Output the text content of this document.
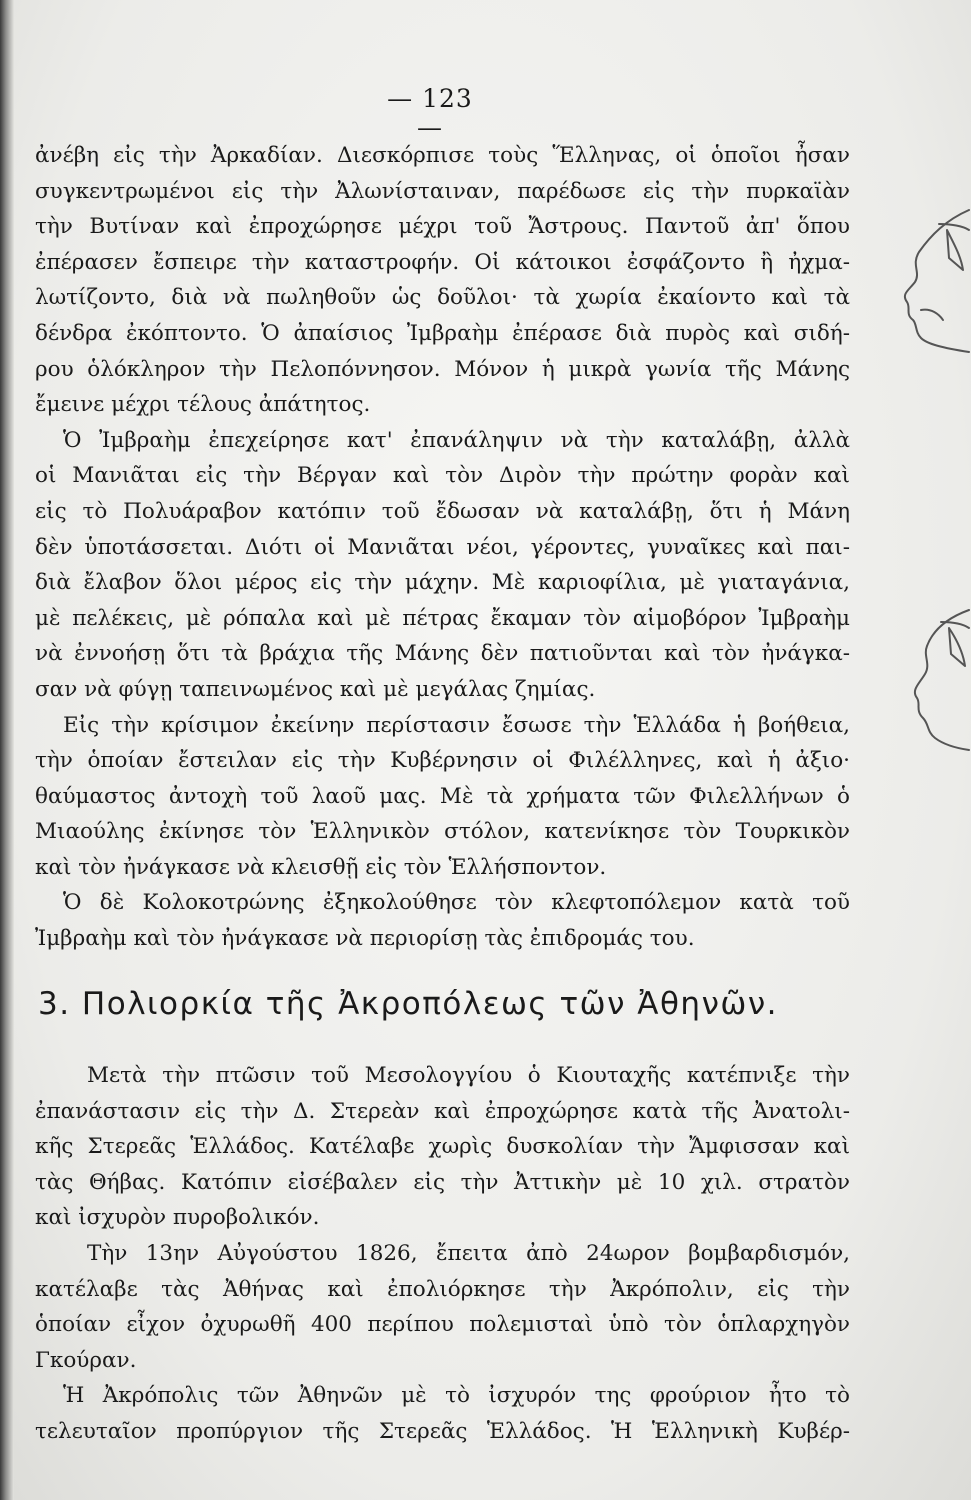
— 123 —
ἀνέβη εἰς τὴν Ἀρκαδίαν. Διεσκόρπισε τοὺς Ἕλληνας, οἱ ὁποῖοι ἦσαν
συγκεντρωμένοι εἰς τὴν Ἀλωνίσταιναν, παρέδωσε εἰς τὴν πυρκαϊὰν
τὴν Βυτίναν καὶ ἐπροχώρησε μέχρι τοῦ Ἄστρους. Παντοῦ ἀπ' ὅπου
ἐπέρασεν ἔσπειρε τὴν καταστροφήν. Οἱ κάτοικοι ἐσφάζοντο ἢ ἠχμα-
λωτίζοντο, διὰ νὰ πωληθοῦν ὡς δοῦλοι· τὰ χωρία ἐκαίοντο καὶ τὰ
δένδρα ἐκόπτοντο. Ὁ ἀπαίσιος Ἰμβραὴμ ἐπέρασε διὰ πυρὸς καὶ σιδή-
ρου ὁλόκληρον τὴν Πελοπόννησον. Μόνον ἡ μικρὰ γωνία τῆς Μάνης
ἔμεινε μέχρι τέλους ἀπάτητος.
Ὁ Ἰμβραὴμ ἐπεχείρησε κατ' ἐπανάληψιν νὰ τὴν καταλάβῃ, ἀλλὰ
οἱ Μανιᾶται εἰς τὴν Βέργαν καὶ τὸν Διρὸν τὴν πρώτην φορὰν καὶ
εἰς τὸ Πολυάραβον κατόπιν τοῦ ἔδωσαν νὰ καταλάβῃ, ὅτι ἡ Μάνη
δὲν ὑποτάσσεται. Διότι οἱ Μανιᾶται νέοι, γέροντες, γυναῖκες καὶ παι-
διὰ ἔλαβον ὅλοι μέρος εἰς τὴν μάχην. Μὲ καριοφίλια, μὲ γιαταγάνια,
μὲ πελέκεις, μὲ ρόπαλα καὶ μὲ πέτρας ἔκαμαν τὸν αἱμοβόρον Ἰμβραὴμ
νὰ ἐννοήσῃ ὅτι τὰ βράχια τῆς Μάνης δὲν πατιοῦνται καὶ τὸν ἠνάγκα-
σαν νὰ φύγῃ ταπεινωμένος καὶ μὲ μεγάλας ζημίας.
Εἰς τὴν κρίσιμον ἐκείνην περίστασιν ἔσωσε τὴν Ἑλλάδα ἡ βοήθεια,
τὴν ὁποίαν ἔστειλαν εἰς τὴν Κυβέρνησιν οἱ Φιλέλληνες, καὶ ἡ ἀξιο·
θαύμαστος ἀντοχὴ τοῦ λαοῦ μας. Μὲ τὰ χρήματα τῶν Φιλελλήνων ὁ
Μιαούλης ἐκίνησε τὸν Ἑλληνικὸν στόλον, κατενίκησε τὸν Τουρκικὸν
καὶ τὸν ἠνάγκασε νὰ κλεισθῇ εἰς τὸν Ἑλλήσποντον.
Ὁ δὲ Κολοκοτρώνης ἐξηκολούθησε τὸν κλεφτοπόλεμον κατὰ τοῦ
Ἰμβραὴμ καὶ τὸν ἠνάγκασε νὰ περιορίσῃ τὰς ἐπιδρομάς του.
3. Πολιορκία τῆς Ἀκροπόλεως τῶν Ἀθηνῶν.
Μετὰ τὴν πτῶσιν τοῦ Μεσολογγίου ὁ Κιουταχῆς κατέπνιξε τὴν
ἐπανάστασιν εἰς τὴν Δ. Στερεὰν καὶ ἐπροχώρησε κατὰ τῆς Ἀνατολι-
κῆς Στερεᾶς Ἑλλάδος. Κατέλαβε χωρὶς δυσκολίαν τὴν Ἄμφισσαν καὶ
τὰς Θήβας. Κατόπιν εἰσέβαλεν εἰς τὴν Ἀττικὴν μὲ 10 χιλ. στρατὸν
καὶ ἰσχυρὸν πυροβολικόν.
Τὴν 13ην Αὐγούστου 1826, ἔπειτα ἀπὸ 24ωρον βομβαρδισμόν,
κατέλαβε τὰς Ἀθήνας καὶ ἐπολιόρκησε τὴν Ἀκρόπολιν, εἰς τὴν
ὁποίαν εἶχον ὀχυρωθῆ 400 περίπου πολεμισταὶ ὑπὸ τὸν ὁπλαρχηγὸν
Γκούραν.
Ἡ Ἀκρόπολις τῶν Ἀθηνῶν μὲ τὸ ἰσχυρόν της φρούριον ἦτο τὸ
τελευταῖον προπύργιον τῆς Στερεᾶς Ἑλλάδος. Ἡ Ἑλληνικὴ Κυβέρ-
